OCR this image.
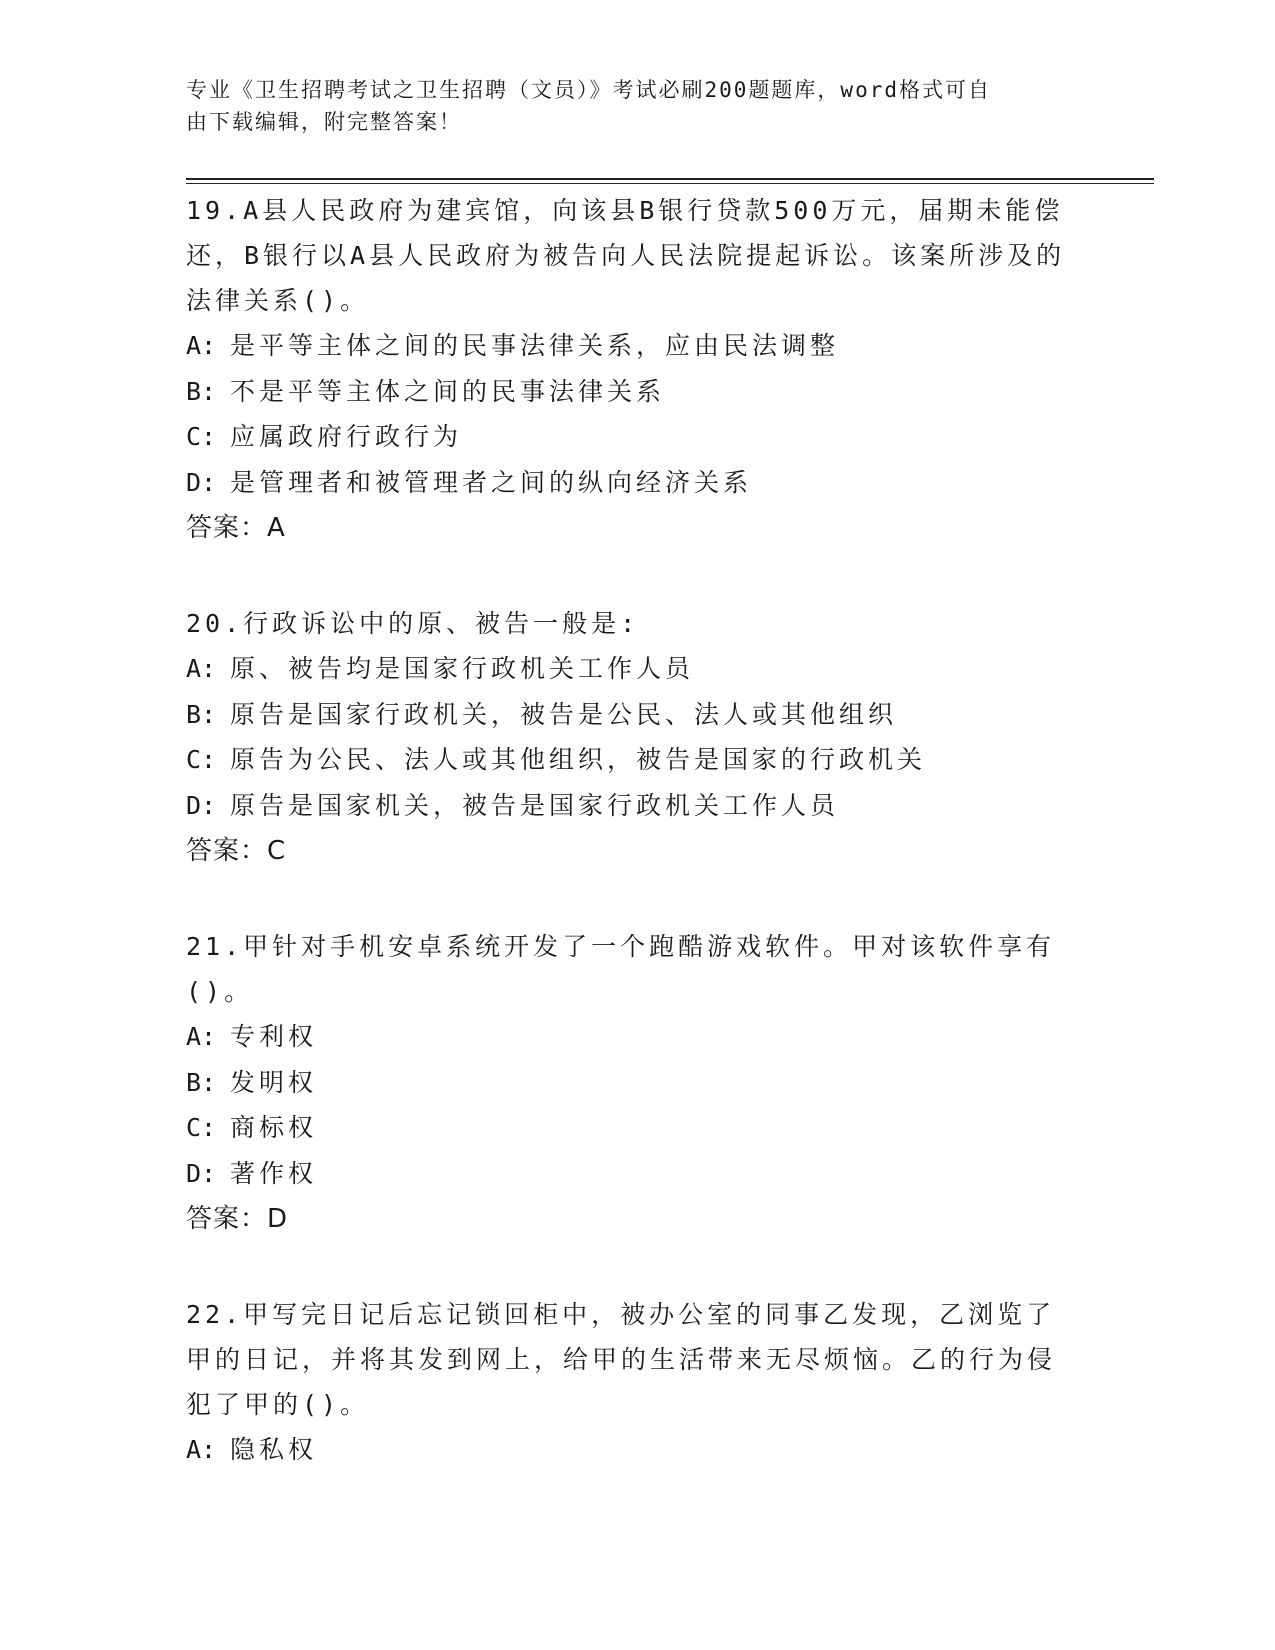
专业《卫生招聘考试之卫生招聘（文员）》考试必刷200题题库，word格式可自
由下载编辑，附完整答案！
19.A县人民政府为建宾馆，向该县B银行贷款500万元，届期未能偿还，B银行以A县人民政府为被告向人民法院提起诉讼。该案所涉及的法律关系()。
A: 是平等主体之间的民事法律关系，应由民法调整
B: 不是平等主体之间的民事法律关系
C: 应属政府行政行为
D: 是管理者和被管理者之间的纵向经济关系
答案：A
20.行政诉讼中的原、被告一般是:
A: 原、被告均是国家行政机关工作人员
B: 原告是国家行政机关，被告是公民、法人或其他组织
C: 原告为公民、法人或其他组织，被告是国家的行政机关
D: 原告是国家机关，被告是国家行政机关工作人员
答案：C
21.甲针对手机安卓系统开发了一个跑酷游戏软件。甲对该软件享有()。
A: 专利权
B: 发明权
C: 商标权
D: 著作权
答案：D
22.甲写完日记后忘记锁回柜中，被办公室的同事乙发现，乙浏览了甲的日记，并将其发到网上，给甲的生活带来无尽烦恼。乙的行为侵犯了甲的()。
A: 隐私权
